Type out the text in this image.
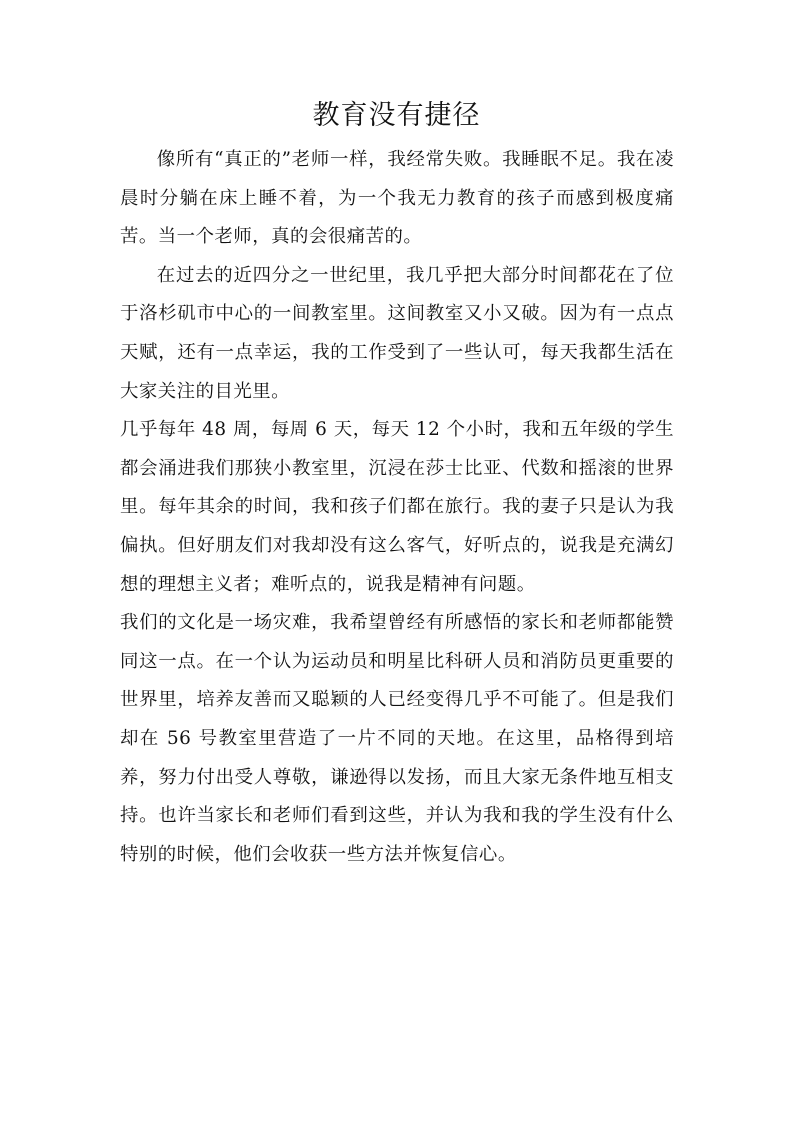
教育没有捷径

像所有“真正的”老师一样，我经常失败。我睡眠不足。我在凌晨时分躺在床上睡不着，为一个我无力教育的孩子而感到极度痛苦。当一个老师，真的会很痛苦的。

在过去的近四分之一世纪里，我几乎把大部分时间都花在了位于洛杉矶市中心的一间教室里。这间教室又小又破。因为有一点点天赋，还有一点幸运，我的工作受到了一些认可，每天我都生活在大家关注的目光里。

几乎每年 48 周，每周 6 天，每天 12 个小时，我和五年级的学生都会涌进我们那狭小教室里，沉浸在莎士比亚、代数和摇滚的世界里。每年其余的时间，我和孩子们都在旅行。我的妻子只是认为我偏执。但好朋友们对我却没有这么客气，好听点的，说我是充满幻想的理想主义者；难听点的，说我是精神有问题。

我们的文化是一场灾难，我希望曾经有所感悟的家长和老师都能赞同这一点。在一个认为运动员和明星比科研人员和消防员更重要的世界里，培养友善而又聪颖的人已经变得几乎不可能了。但是我们却在 56 号教室里营造了一片不同的天地。在这里，品格得到培养，努力付出受人尊敬，谦逊得以发扬，而且大家无条件地互相支持。也许当家长和老师们看到这些，并认为我和我的学生没有什么特别的时候，他们会收获一些方法并恢复信心。
